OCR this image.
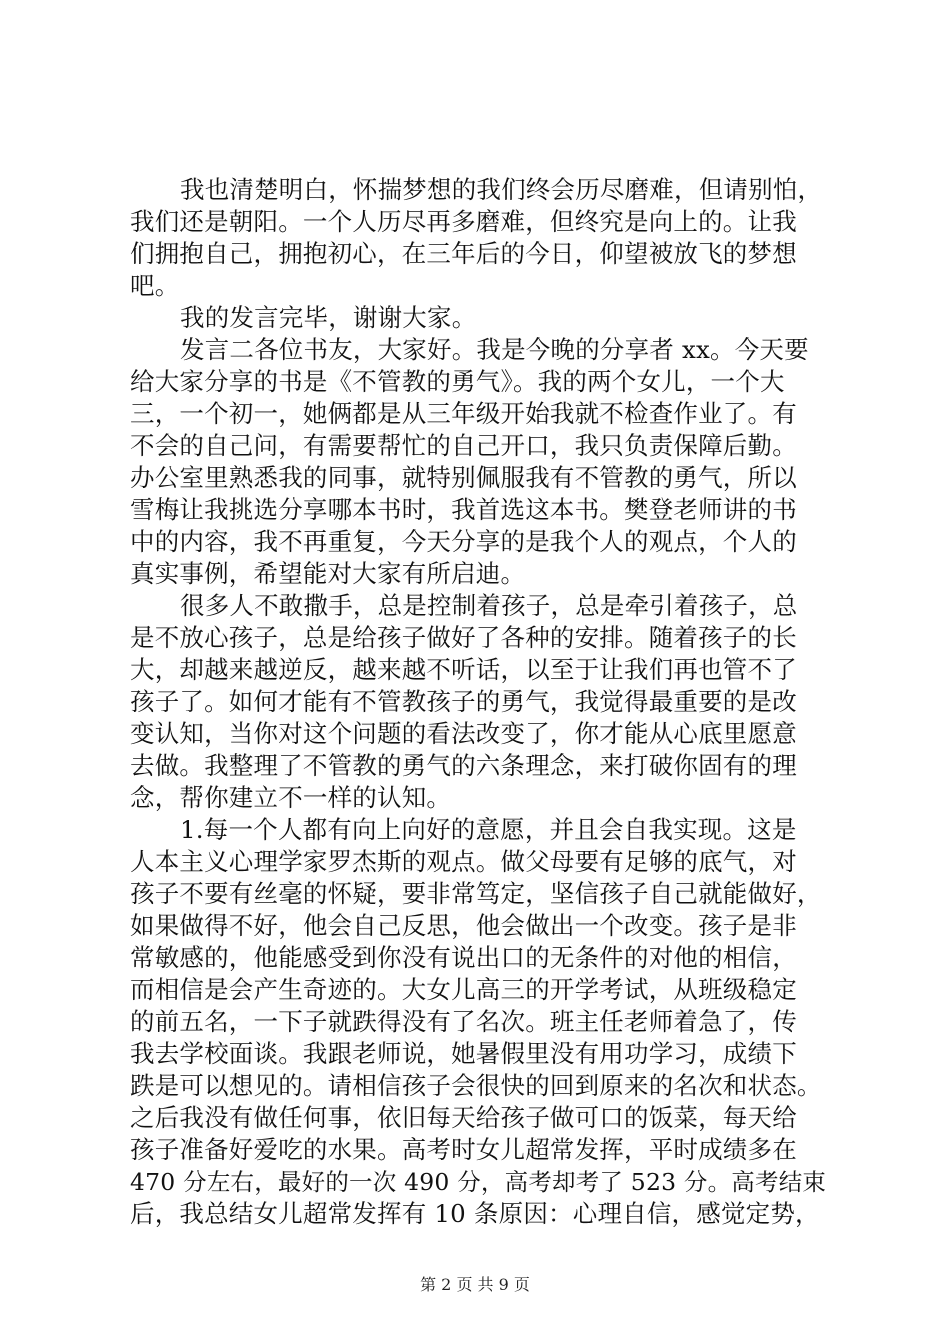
我也清楚明白，怀揣梦想的我们终会历尽磨难，但请别怕，

我们还是朝阳。一个人历尽再多磨难，但终究是向上的。让我

们拥抱自己，拥抱初心，在三年后的今日，仰望被放飞的梦想

吧。

我的发言完毕，谢谢大家。

发言二各位书友，大家好。我是今晚的分享者 xx。今天要

给大家分享的书是《不管教的勇气》。我的两个女儿，一个大

三，一个初一，她俩都是从三年级开始我就不检查作业了。有

不会的自己问，有需要帮忙的自己开口，我只负责保障后勤。

办公室里熟悉我的同事，就特别佩服我有不管教的勇气，所以

雪梅让我挑选分享哪本书时，我首选这本书。樊登老师讲的书

中的内容，我不再重复，今天分享的是我个人的观点，个人的

真实事例，希望能对大家有所启迪。

很多人不敢撒手，总是控制着孩子，总是牵引着孩子，总

是不放心孩子，总是给孩子做好了各种的安排。随着孩子的长

大，却越来越逆反，越来越不听话，以至于让我们再也管不了

孩子了。如何才能有不管教孩子的勇气，我觉得最重要的是改

变认知，当你对这个问题的看法改变了，你才能从心底里愿意

去做。我整理了不管教的勇气的六条理念，来打破你固有的理

念，帮你建立不一样的认知。

1.每一个人都有向上向好的意愿，并且会自我实现。这是

人本主义心理学家罗杰斯的观点。做父母要有足够的底气，对

孩子不要有丝毫的怀疑，要非常笃定，坚信孩子自己就能做好，

如果做得不好，他会自己反思，他会做出一个改变。孩子是非

常敏感的，他能感受到你没有说出口的无条件的对他的相信，

而相信是会产生奇迹的。大女儿高三的开学考试，从班级稳定

的前五名，一下子就跌得没有了名次。班主任老师着急了，传

我去学校面谈。我跟老师说，她暑假里没有用功学习，成绩下

跌是可以想见的。请相信孩子会很快的回到原来的名次和状态。

之后我没有做任何事，依旧每天给孩子做可口的饭菜，每天给

孩子准备好爱吃的水果。高考时女儿超常发挥，平时成绩多在

470 分左右，最好的一次 490 分，高考却考了 523 分。高考结束

后，我总结女儿超常发挥有 10 条原因：心理自信，感觉定势，

第 2 页 共 9 页
